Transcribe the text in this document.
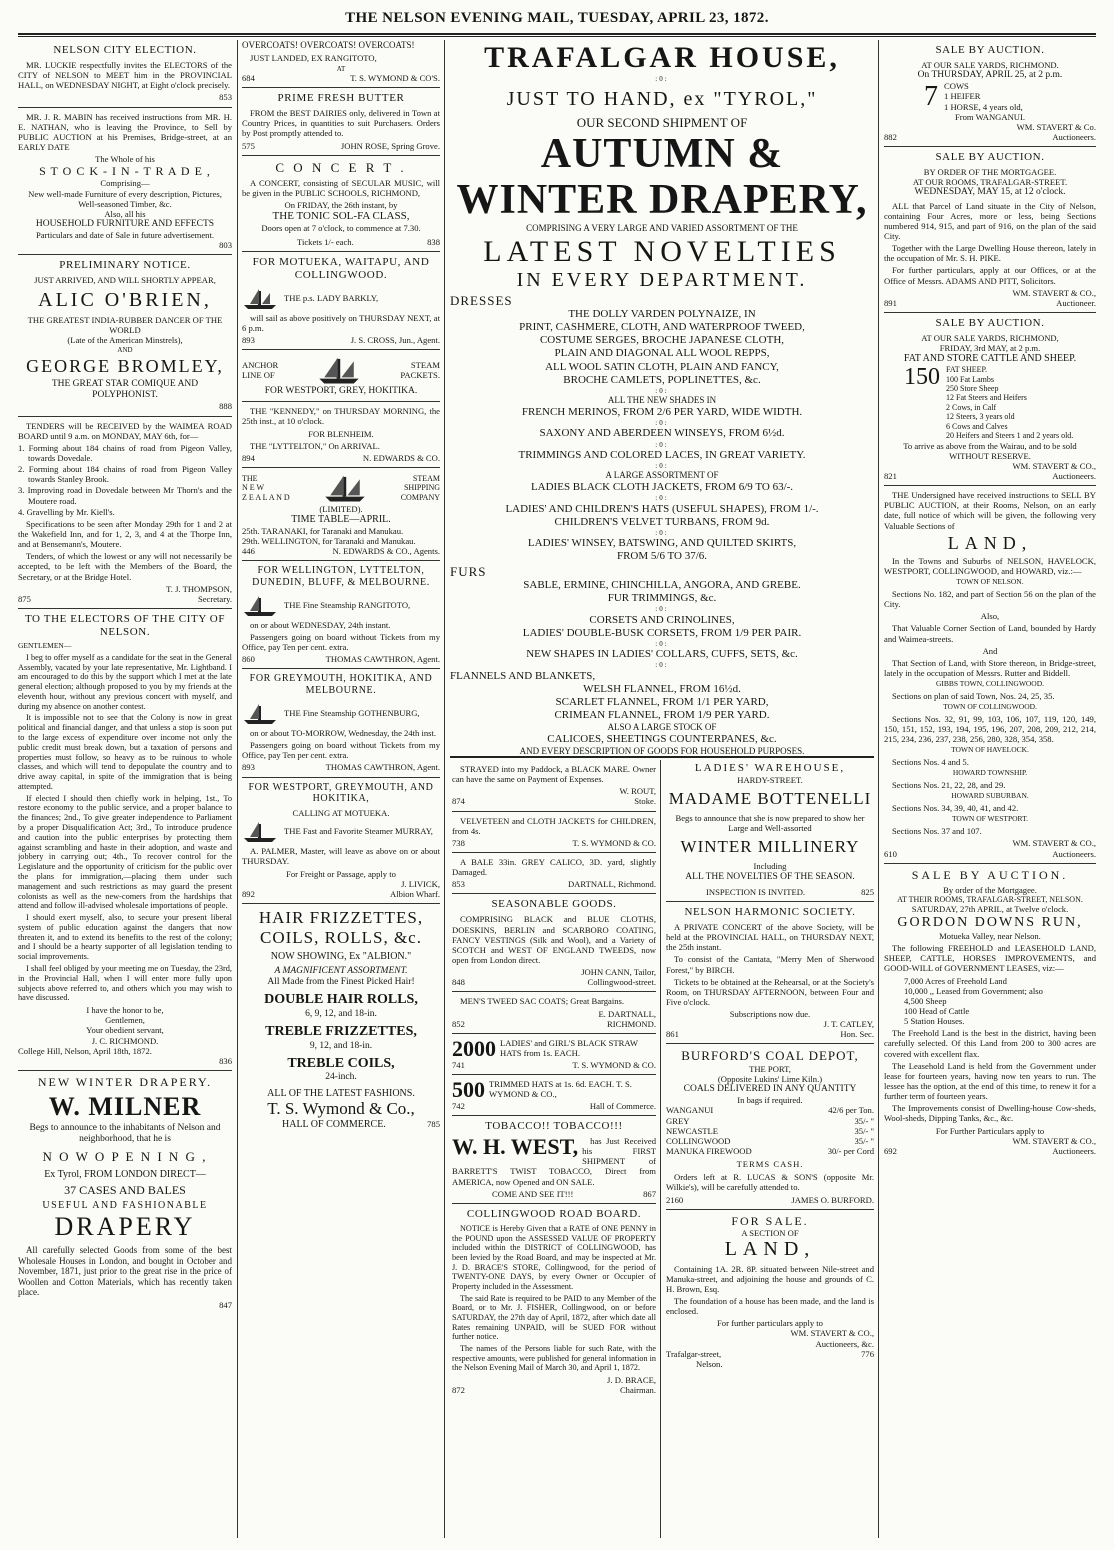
THE NELSON EVENING MAIL, TUESDAY, APRIL 23, 1872.
NELSON CITY ELECTION.
MR. LUCKIE respectfully invites the ELECTORS of the CITY of NELSON to MEET him in the PROVINCIAL HALL, on WEDNESDAY NIGHT, at Eight o'clock precisely.
853
MR. J. R. MABIN has received instructions from MR. H. E. NATHAN, who is leaving the Province, to Sell by PUBLIC AUCTION at his Premises, Bridge-street, at an EARLY DATE
The Whole of his
S T O C K - I N - T R A D E ,
Comprising—
New well-made Furniture of every description, Pictures, Well-seasoned Timber, &c.
Also, all his
HOUSEHOLD FURNITURE AND EFFECTS
Particulars and date of Sale in future advertisement.
803
PRELIMINARY NOTICE.
JUST ARRIVED, AND WILL SHORTLY APPEAR,
ALIC O'BRIEN,
THE GREATEST INDIA-RUBBER DANCER OF THE WORLD
(Late of the American Minstrels),
AND
GEORGE BROMLEY,
THE GREAT STAR COMIQUE AND POLYPHONIST.
888
TENDERS will be RECEIVED by the WAIMEA ROAD BOARD until 9 a.m. on MONDAY, MAY 6th, for—
1. Forming about 184 chains of road from Pigeon Valley, towards Dovedale.
2. Forming about 184 chains of road from Pigeon Valley towards Stanley Brook.
3. Improving road in Dovedale between Mr Thorn's and the Moutere road.
4. Gravelling by Mr. Kiell's.
Specifications to be seen after Monday 29th for 1 and 2 at the Wakefield Inn, and for 1, 2, 3, and 4 at the Thorpe Inn, and at Bensemann's, Moutere.
Tenders, of which the lowest or any will not necessarily be accepted, to be left with the Members of the Board, the Secretary, or at the Bridge Hotel.
T. J. THOMPSON,
875	Secretary.
TO THE ELECTORS OF THE CITY OF NELSON.
GENTLEMEN—
I beg to offer myself as a candidate for the seat in the General Assembly, vacated by your late representative, Mr. Lightband. I am encouraged to do this by the support which I met at the late general election; although proposed to you by my friends at the eleventh hour, without any previous concert with myself, and during my absence on another contest.
It is impossible not to see that the Colony is now in great political and financial danger, and that unless a stop is soon put to the large excess of expenditure over income not only the public credit must break down, but a taxation of persons and properties must follow, so heavy as to be ruinous to whole classes, and which will tend to depopulate the country and to drive away capital, in spite of the immigration that is being attempted.
If elected I should then chiefly work in helping, 1st., To restore economy to the public service, and a proper balance to the finances; 2nd., To give greater independence to Parliament by a proper Disqualification Act; 3rd., To introduce prudence and caution into the public enterprises by protecting them against scrambling and haste in their adoption, and waste and jobbery in carrying out; 4th., To recover control for the Legislature and the opportunity of criticism for the public over the plans for immigration,—placing them under such management and such restrictions as may guard the present colonists as well as the new-comers from the hardships that attend and follow ill-advised wholesale importations of people.
I should exert myself, also, to secure your present liberal system of public education against the dangers that now threaten it, and to extend its benefits to the rest of the colony; and I should be a hearty supporter of all legislation tending to social improvements.
I shall feel obliged by your meeting me on Tuesday, the 23rd, in the Provincial Hall, when I will enter more fully upon subjects above referred to, and others which you may wish to have discussed.
I have the honor to be,
Gentlemen,
Your obedient servant,
J. C. RICHMOND.
College Hill, Nelson, April 18th, 1872.
836
NEW WINTER DRAPERY.
W. MILNER
Begs to announce to the inhabitants of Nelson and neighborhood, that he is
N O W O P E N I N G ,
Ex Tyrol, FROM LONDON DIRECT—
37 CASES AND BALES
USEFUL AND FASHIONABLE
DRAPERY
All carefully selected Goods from some of the best Wholesale Houses in London, and bought in October and November, 1871, just prior to the great rise in the price of Woollen and Cotton Materials, which has recently taken place.
847
OVERCOATS! OVERCOATS! OVERCOATS!
JUST LANDED, EX RANGITOTO,
AT
684	T. S. WYMOND & CO'S.
PRIME FRESH BUTTER
FROM the BEST DAIRIES only, delivered in Town at Country Prices, in quantities to suit Purchasers. Orders by Post promptly attended to.
575	JOHN ROSE, Spring Grove.
C O N C E R T .
A CONCERT, consisting of SECULAR MUSIC, will be given in the PUBLIC SCHOOLS, RICHMOND,
On FRIDAY, the 26th instant, by
THE TONIC SOL-FA CLASS,
Doors open at 7 o'clock, to commence at 7.30.
Tickets 1/- each.	838
FOR MOTUEKA, WAITAPU, AND COLLINGWOOD.
THE p.s. LADY BARKLY,
will sail as above positively on THURSDAY NEXT, at 6 p.m.
893	J. S. CROSS, Jun., Agent.
ANCHOR
LINE OF
STEAM
PACKETS.
FOR WESTPORT, GREY, HOKITIKA.
THE "KENNEDY," on THURSDAY MORNING, the 25th inst., at 10 o'clock.
FOR BLENHEIM.
THE "LYTTELTON," On ARRIVAL.
894	N. EDWARDS & CO.
THE
N E W
Z E A L A N D
STEAM
SHIPPING
COMPANY
(LIMITED).
TIME TABLE—APRIL.
25th. TARANAKI, for Taranaki and Manukau.
29th. WELLINGTON, for Taranaki and Manukau.
446	N. EDWARDS & CO., Agents.
FOR WELLINGTON, LYTTELTON, DUNEDIN, BLUFF, & MELBOURNE.
THE Fine Steamship RANGITOTO,
on or about WEDNESDAY, 24th instant.
Passengers going on board without Tickets from my Office, pay Ten per cent. extra.
860	THOMAS CAWTHRON, Agent.
FOR GREYMOUTH, HOKITIKA, AND MELBOURNE.
THE Fine Steamship GOTHENBURG,
on or about TO-MORROW, Wednesday, the 24th inst.
Passengers going on board without Tickets from my Office, pay Ten per cent. extra.
893	THOMAS CAWTHRON, Agent.
FOR WESTPORT, GREYMOUTH, AND HOKITIKA,
CALLING AT MOTUEKA.
THE Fast and Favorite Steamer MURRAY,
A. PALMER, Master, will leave as above on or about THURSDAY.
For Freight or Passage, apply to
J. LIVICK,
892	Albion Wharf.
HAIR FRIZZETTES,
COILS, ROLLS, &c.
NOW SHOWING, Ex "ALBION."
A MAGNIFICENT ASSORTMENT.
All Made from the Finest Picked Hair!
DOUBLE HAIR ROLLS,
6, 9, 12, and 18-in.
TREBLE FRIZZETTES,
9, 12, and 18-in.
TREBLE COILS,
24-inch.
ALL OF THE LATEST FASHIONS.
T. S. Wymond & Co.,
HALL OF COMMERCE.	785
TRAFALGAR HOUSE,
:0:
JUST TO HAND, ex "TYROL,"
OUR SECOND SHIPMENT OF
AUTUMN & WINTER DRAPERY,
COMPRISING A VERY LARGE AND VARIED ASSORTMENT OF THE
LATEST NOVELTIES
IN EVERY DEPARTMENT.
DRESSES
THE DOLLY VARDEN POLYNAIZE, IN
PRINT, CASHMERE, CLOTH, AND WATERPROOF TWEED,
COSTUME SERGES, BROCHE JAPANESE CLOTH,
PLAIN AND DIAGONAL ALL WOOL REPPS,
ALL WOOL SATIN CLOTH, PLAIN AND FANCY,
BROCHE CAMLETS, POPLINETTES, &c.
:0:
ALL THE NEW SHADES IN
FRENCH MERINOS, FROM 2/6 PER YARD, WIDE WIDTH.
:0:
SAXONY AND ABERDEEN WINSEYS, FROM 6½d.
:0:
TRIMMINGS AND COLORED LACES, IN GREAT VARIETY.
:0:
A LARGE ASSORTMENT OF
LADIES BLACK CLOTH JACKETS, FROM 6/9 TO 63/-.
:0:
LADIES' AND CHILDREN'S HATS (USEFUL SHAPES), FROM 1/-.
CHILDREN'S VELVET TURBANS, FROM 9d.
:0:
LADIES' WINSEY, BATSWING, AND QUILTED SKIRTS,
FROM 5/6 TO 37/6.
FURS
SABLE, ERMINE, CHINCHILLA, ANGORA, AND GREBE.
FUR TRIMMINGS, &c.
:0:
CORSETS AND CRINOLINES,
LADIES' DOUBLE-BUSK CORSETS, FROM 1/9 PER PAIR.
:0:
NEW SHAPES IN LADIES' COLLARS, CUFFS, SETS, &c.
:0:
FLANNELS AND BLANKETS,
WELSH FLANNEL, FROM 16½d.
SCARLET FLANNEL, FROM 1/1 PER YARD,
CRIMEAN FLANNEL, FROM 1/9 PER YARD.
ALSO A LARGE STOCK OF
CALICOES, SHEETINGS COUNTERPANES, &c.
AND EVERY DESCRIPTION OF GOODS FOR HOUSEHOLD PURPOSES.
STRAYED into my Paddock, a BLACK MARE. Owner can have the same on Payment of Expenses.
W. ROUT,
874	Stoke.
VELVETEEN and CLOTH JACKETS for CHILDREN, from 4s.
738	T. S. WYMOND & CO.
A BALE 33in. GREY CALICO, 3D. yard, slightly Damaged.
853	DARTNALL, Richmond.
SEASONABLE GOODS.
COMPRISING BLACK and BLUE CLOTHS, DOESKINS, BERLIN and SCARBORO COATING, FANCY VESTINGS (Silk and Wool), and a Variety of SCOTCH and WEST OF ENGLAND TWEEDS, now open from London direct.
JOHN CANN, Tailor,
848	Collingwood-street.
MEN'S TWEED SAC COATS; Great Bargains.
E. DARTNALL,
852	RICHMOND.
2000 LADIES' and GIRL'S BLACK STRAW HATS from 1s. EACH.
741	T. S. WYMOND & CO.
500 TRIMMED HATS at 1s. 6d. EACH. T. S. WYMOND & CO.,
742	Hall of Commerce.
TOBACCO!! TOBACCO!!!
W. H. WEST,	has Just Received his FIRST SHIPMENT of BARRETT'S TWIST TOBACCO, Direct from AMERICA, now Opened and ON SALE.
COME AND SEE IT!!!	867
COLLINGWOOD ROAD BOARD.
NOTICE is Hereby Given that a RATE of ONE PENNY in the POUND upon the ASSESSED VALUE OF PROPERTY included within the DISTRICT of COLLINGWOOD, has been levied by the Road Board, and may be inspected at Mr. J. D. BRACE'S STORE, Collingwood, for the period of TWENTY-ONE DAYS, by every Owner or Occupier of Property included in the Assessment.
The said Rate is required to be PAID to any Member of the Board, or to Mr. J. FISHER, Collingwood, on or before SATURDAY, the 27th day of April, 1872, after which date all Rates remaining UNPAID, will be SUED FOR without further notice.
The names of the Persons liable for such Rate, with the respective amounts, were published for general information in the Nelson Evening Mail of March 30, and April 1, 1872.
J. D. BRACE,
872	Chairman.
LADIES' WAREHOUSE,
HARDY-STREET.
MADAME BOTTENELLI
Begs to announce that she is now prepared to show her Large and Well-assorted
WINTER MILLINERY
Including
ALL THE NOVELTIES OF THE SEASON.
INSPECTION IS INVITED.	825
NELSON HARMONIC SOCIETY.
A PRIVATE CONCERT of the above Society, will be held at the PROVINCIAL HALL, on THURSDAY NEXT, the 25th instant.
To consist of the Cantata, "Merry Men of Sherwood Forest," by BIRCH.
Tickets to be obtained at the Rehearsal, or at the Society's Room, on THURSDAY AFTERNOON, between Four and Five o'clock.
Subscriptions now due.
J. T. CATLEY,
861	Hon. Sec.
BURFORD'S COAL DEPOT,
THE PORT,
(Opposite Lukins' Lime Kiln.)
COALS DELIVERED IN ANY QUANTITY
In bags if required.
WANGANUI	42/6 per Ton.
GREY	35/- "
NEWCASTLE	35/- "
COLLINGWOOD	35/- "
MANUKA FIREWOOD	30/- per Cord
TERMS CASH.
Orders left at R. LUCAS & SON'S (opposite Mr. Wilkie's), will be carefully attended to.
2160	JAMES O. BURFORD.
FOR SALE.
A SECTION OF
LAND,
Containing 1A. 2R. 8P. situated between Nile-street and Manuka-street, and adjoining the house and grounds of C. H. Brown, Esq.
The foundation of a house has been made, and the land is enclosed.
For further particulars apply to
WM. STAVERT & CO.,
Auctioneers, &c.
Trafalgar-street,	776
Nelson.
SALE BY AUCTION.
AT OUR SALE YARDS, RICHMOND.
On THURSDAY, APRIL 25, at 2 p.m.
7 COWS
1 HEIFER
1 HORSE, 4 years old,
From WANGANUI.
WM. STAVERT & Co.
882	Auctioneers.
SALE BY AUCTION.
BY ORDER OF THE MORTGAGEE.
AT OUR ROOMS, TRAFALGAR-STREET.
WEDNESDAY, MAY 15, at 12 o'clock.
ALL that Parcel of Land situate in the City of Nelson, containing Four Acres, more or less, being Sections numbered 914, 915, and part of 916, on the plan of the said City.
Together with the Large Dwelling House thereon, lately in the occupation of Mr. S. H. PIKE.
For further particulars, apply at our Offices, or at the Office of Messrs. ADAMS AND PITT, Solicitors.
WM. STAVERT & CO.,
891	Auctioneer.
SALE BY AUCTION.
AT OUR SALE YARDS, RICHMOND,
FRIDAY, 3rd MAY, at 2 p.m.
FAT AND STORE CATTLE AND SHEEP.
150 FAT SHEEP.
100 Fat Lambs
250 Store Sheep
12 Fat Steers and Heifers
2 Cows, in Calf
12 Steers, 3 years old
6 Cows and Calves
20 Heifers and Steers 1 and 2 years old.
To arrive as above from the Wairau, and to be sold
WITHOUT RESERVE.
WM. STAVERT & CO.,
821	Auctioneers.
THE Undersigned have received instructions to SELL BY PUBLIC AUCTION, at their Rooms, Nelson, on an early date, full notice of which will be given, the following very Valuable Sections of
LAND,
In the Towns and Suburbs of NELSON, HAVELOCK, WESTPORT, COLLINGWOOD, and HOWARD, viz.:—
TOWN OF NELSON.
Sections No. 182, and part of Section 56 on the plan of the City.
Also,
That Valuable Corner Section of Land, bounded by Hardy and Waimea-streets.
And
That Section of Land, with Store thereon, in Bridge-street, lately in the occupation of Messrs. Rutter and Biddell.
GIBBS TOWN, COLLINGWOOD.
Sections on plan of said Town, Nos. 24, 25, 35.
TOWN OF COLLINGWOOD.
Sections Nos. 32, 91, 99, 103, 106, 107, 119, 120, 149, 150, 151, 152, 193, 194, 195, 196, 207, 208, 209, 212, 214, 215, 234, 236, 237, 238, 256, 280, 328, 354, 358.
TOWN OF HAVELOCK.
Sections Nos. 4 and 5.
HOWARD TOWNSHIP.
Sections Nos. 21, 22, 28, and 29.
HOWARD SUBURBAN.
Sections Nos. 34, 39, 40, 41, and 42.
TOWN OF WESTPORT.
Sections Nos. 37 and 107.
WM. STAVERT & CO.,
610	Auctioneers.
SALE BY AUCTION.
By order of the Mortgagee.
AT THEIR ROOMS, TRAFALGAR-STREET, NELSON.
SATURDAY, 27th APRIL, at Twelve o'clock.
GORDON DOWNS RUN,
Motueka Valley, near Nelson.
The following FREEHOLD and LEASEHOLD LAND, SHEEP, CATTLE, HORSES IMPROVEMENTS, and GOOD-WILL of GOVERNMENT LEASES, viz:—
7,000 Acres of Freehold Land
10,000 ,, Leased from Government; also
4,500 Sheep
100 Head of Cattle
5 Station Houses.
The Freehold Land is the best in the district, having been carefully selected. Of this Land from 200 to 300 acres are covered with excellent flax.
The Leasehold Land is held from the Government under lease for fourteen years, having now ten years to run. The lessee has the option, at the end of this time, to renew it for a further term of fourteen years.
The Improvements consist of Dwelling-house Cow-sheds, Wool-sheds, Dipping Tanks, &c., &c.
For Further Particulars apply to
WM. STAVERT & CO.,
692	Auctioneers.
